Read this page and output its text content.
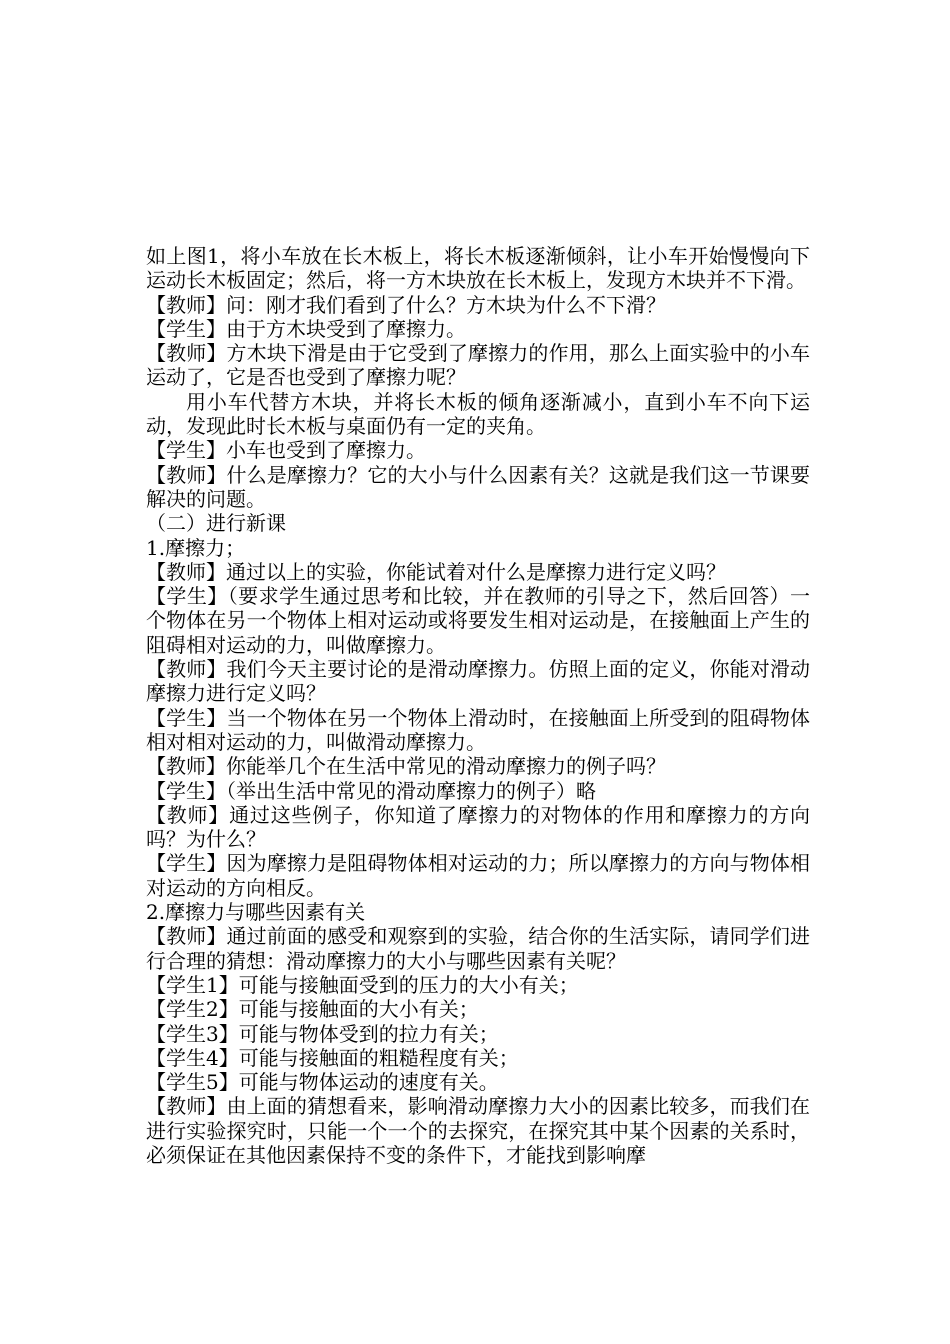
如上图1，将小车放在长木板上，将长木板逐渐倾斜，让小车开始慢慢向下运动长木板固定；然后，将一方木块放在长木板上，发现方木块并不下滑。

【教师】问：刚才我们看到了什么？方木块为什么不下滑？

【学生】由于方木块受到了摩擦力。

【教师】方木块下滑是由于它受到了摩擦力的作用，那么上面实验中的小车运动了，它是否也受到了摩擦力呢？

用小车代替方木块，并将长木板的倾角逐渐减小，直到小车不向下运动，发现此时长木板与桌面仍有一定的夹角。

【学生】小车也受到了摩擦力。

【教师】什么是摩擦力？它的大小与什么因素有关？这就是我们这一节课要解决的问题。

（二）进行新课

1.摩擦力；

【教师】通过以上的实验，你能试着对什么是摩擦力进行定义吗？

【学生】（要求学生通过思考和比较，并在教师的引导之下，然后回答）一个物体在另一个物体上相对运动或将要发生相对运动是，在接触面上产生的阻碍相对运动的力，叫做摩擦力。

【教师】我们今天主要讨论的是滑动摩擦力。仿照上面的定义，你能对滑动摩擦力进行定义吗？

【学生】当一个物体在另一个物体上滑动时，在接触面上所受到的阻碍物体相对相对运动的力，叫做滑动摩擦力。

【教师】你能举几个在生活中常见的滑动摩擦力的例子吗？

【学生】（举出生活中常见的滑动摩擦力的例子）略

【教师】通过这些例子，你知道了摩擦力的对物体的作用和摩擦力的方向吗？为什么？

【学生】因为摩擦力是阻碍物体相对运动的力；所以摩擦力的方向与物体相对运动的方向相反。

2.摩擦力与哪些因素有关

【教师】通过前面的感受和观察到的实验，结合你的生活实际，请同学们进行合理的猜想：滑动摩擦力的大小与哪些因素有关呢？

【学生1】可能与接触面受到的压力的大小有关；

【学生2】可能与接触面的大小有关；

【学生3】可能与物体受到的拉力有关；

【学生4】可能与接触面的粗糙程度有关；

【学生5】可能与物体运动的速度有关。

【教师】由上面的猜想看来，影响滑动摩擦力大小的因素比较多，而我们在进行实验探究时，只能一个一个的去探究，在探究其中某个因素的关系时，必须保证在其他因素保持不变的条件下，才能找到影响摩
